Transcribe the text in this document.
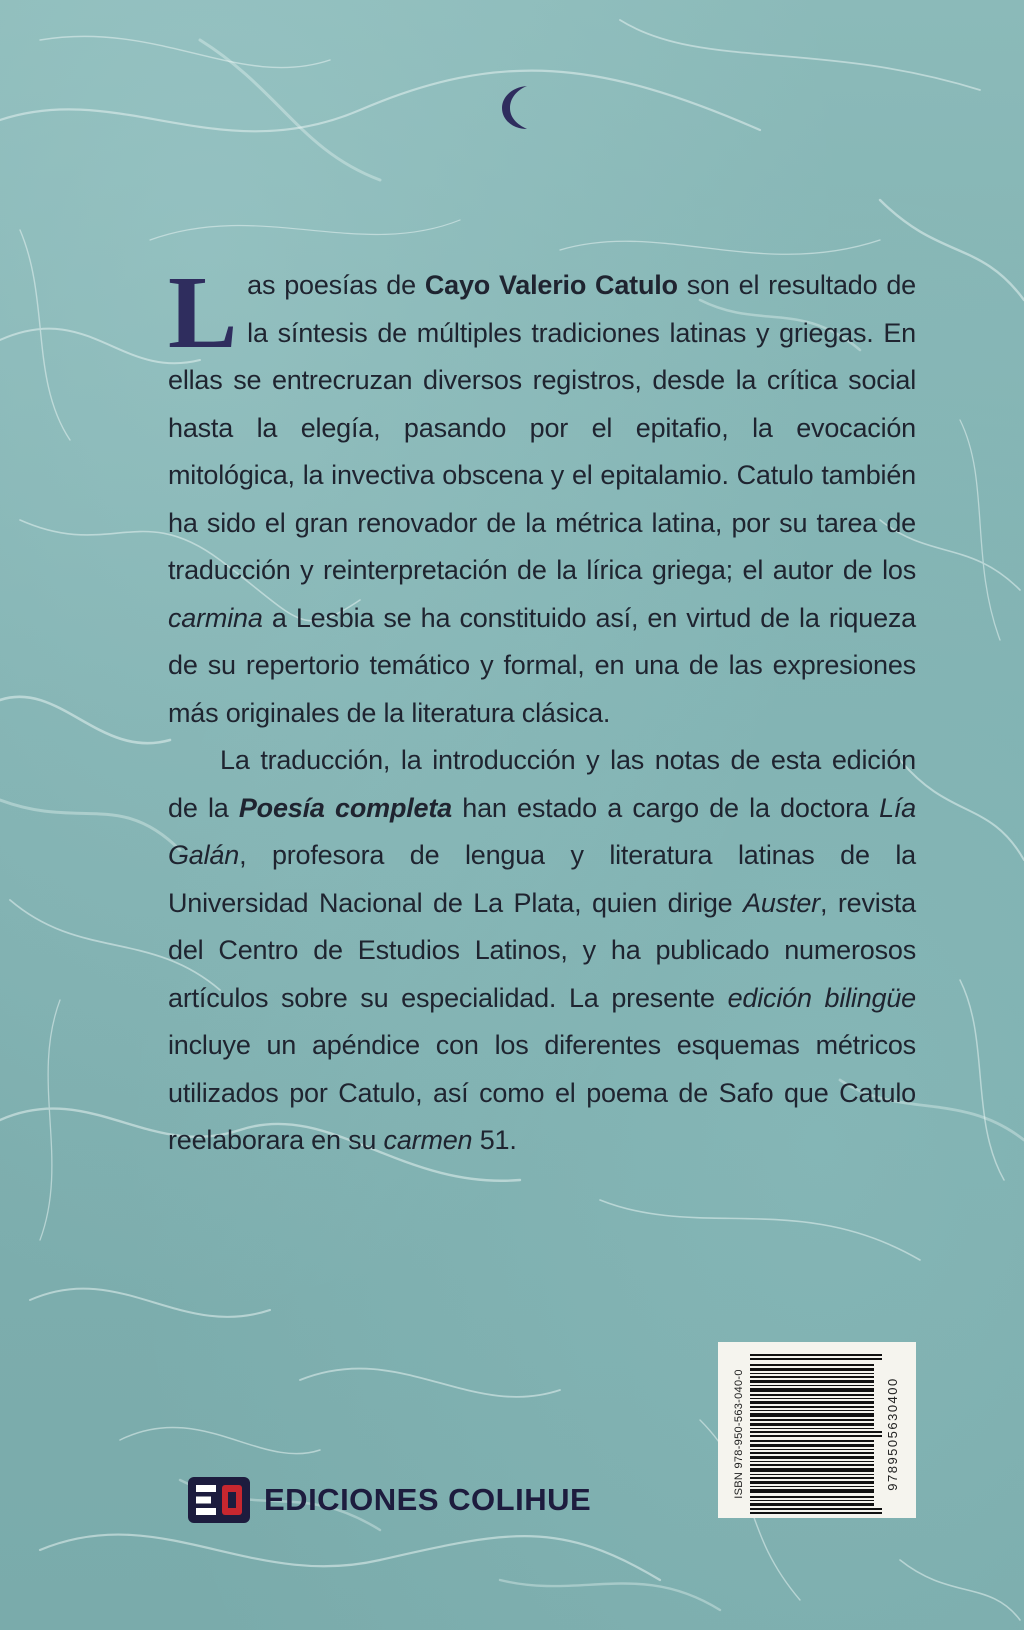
Las poesías de Cayo Valerio Catulo son el resultado de la síntesis de múltiples tradiciones latinas y griegas. En ellas se entrecruzan diversos registros, desde la crítica social hasta la elegía, pasando por el epitafio, la evocación mitológica, la invectiva obscena y el epitalamio. Catulo también ha sido el gran renovador de la métrica latina, por su tarea de traducción y reinterpretación de la lírica griega; el autor de los carmina a Lesbia se ha constituido así, en virtud de la riqueza de su repertorio temático y formal, en una de las expresiones más originales de la literatura clásica.

La traducción, la introducción y las notas de esta edición de la Poesía completa han estado a cargo de la doctora Lía Galán, profesora de lengua y literatura latinas de la Universidad Nacional de La Plata, quien dirige Auster, revista del Centro de Estudios Latinos, y ha publicado numerosos artículos sobre su especialidad. La presente edición bilingüe incluye un apéndice con los diferentes esquemas métricos utilizados por Catulo, así como el poema de Safo que Catulo reelaborara en su carmen 51.

EDICIONES COLIHUE
ISBN 978-950-563-040-0	9789505630400
